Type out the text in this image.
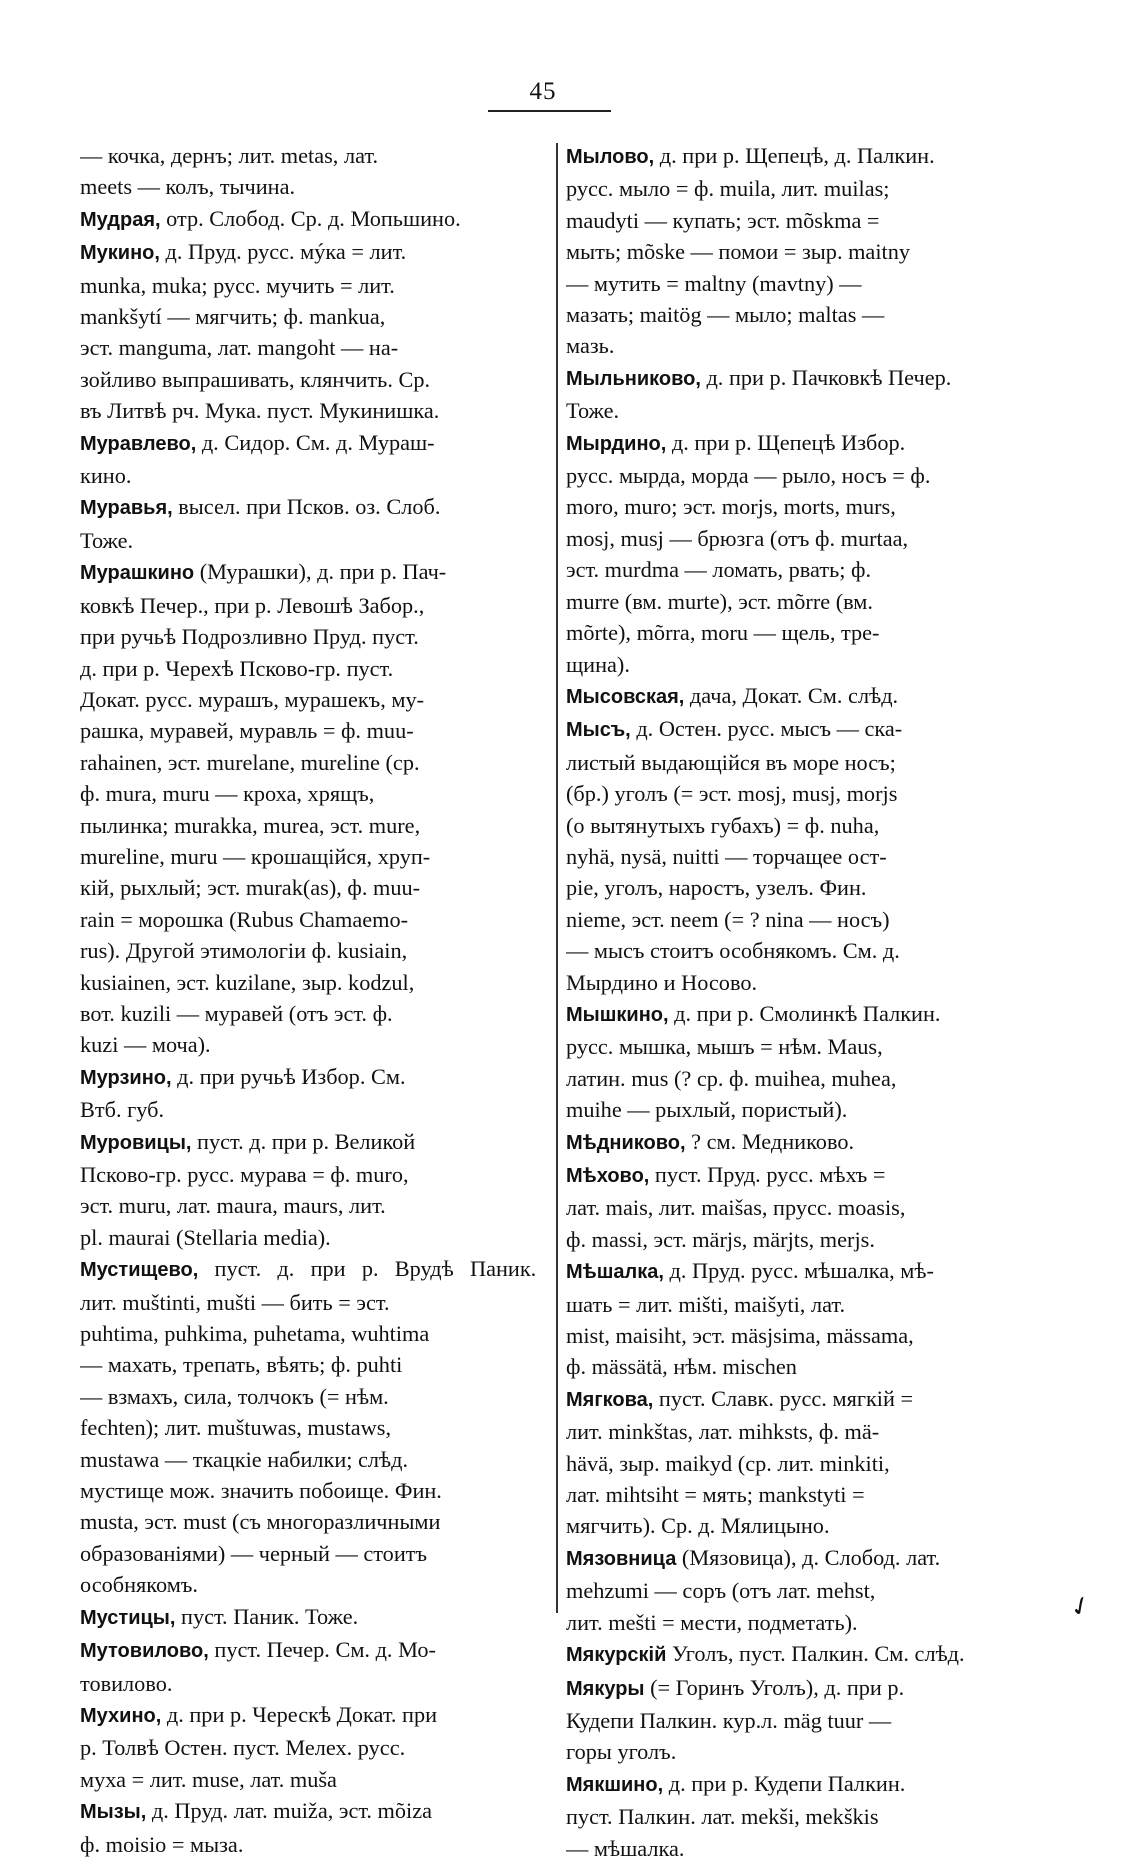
45
— кочка, дернъ; лит. metas, лат.
meets — колъ, тычина.
Мудрая, отр. Слобод. Ср. д. Мопьшино.
Мукино, д. Пруд. русс. мýка = лит.
munka, muka; русс. мучить = лит.
mankšytí — мягчить; ф. mankua,
эст. manguma, лат. mangoht — на-
зойливо выпрашивать, клянчить. Ср.
въ Литвѣ рч. Мука. пуст. Мукинишка.
Муравлево, д. Сидор. См. д. Мураш-
кино.
Муравья, высел. при Псков. оз. Слоб.
Тоже.
Мурашкино (Мурашки), д. при р. Пач-
ковкѣ Печер., при р. Левошѣ Забор.,
при ручьѣ Подрозливно Пруд. пуст.
д. при р. Черехѣ Псково-гр. пуст.
Докат. русс. мурашъ, мурашекъ, му-
рашка, муравей, муравль = ф. muu-
rahainen, эст. murelane, mureline (ср.
ф. mura, muru — кроха, хрящъ,
пылинка; murakka, murea, эст. mure,
mureline, muru — крошащійся, хруп-
кій, рыхлый; эст. murak(as), ф. muu-
rain = морошка (Rubus Chamaemo-
rus). Другой этимологіи ф. kusiain,
kusiainen, эст. kuzilane, зыр. kodzul,
вот. kuzili — муравей (отъ эст. ф.
kuzi — моча).
Мурзино, д. при ручьѣ Избор. См.
Втб. губ.
Муровицы, пуст. д. при р. Великой
Псково-гр. русс. мурава = ф. muro,
эст. muru, лат. maura, maurs, лит.
pl. maurai (Stellaria media).
Мустищево, пуст. д. при р. Врудѣ Паник.
лит. muštinti, mušti — бить = эст.
puhtima, puhkima, puhetama, wuhtima
— махать, трепать, вѣять; ф. puhti
— взмахъ, сила, толчокъ (= нѣм.
fechten); лит. muštuwas, mustaws,
mustawa — ткацкіе набилки; слѣд.
мустище мож. значить побоище. Фин.
musta, эст. must (съ многоразличными
образованіями) — черный — стоитъ
особнякомъ.
Мустицы, пуст. Паник. Тоже.
Мутовилово, пуст. Печер. См. д. Мо-
товилово.
Мухино, д. при р. Черескѣ Докат. при
р. Толвѣ Остен. пуст. Мелех. русс.
муха = лит. muse, лат. muša
Мызы, д. Пруд. лат. muiža, эст. mõiza
ф. moisio = мыза.
Мылово, д. при р. Щепецѣ, д. Палкин.
русс. мыло = ф. muila, лит. muilas;
maudyti — купать; эст. mõskma =
мыть; mõske — помои = зыр. maitny
— мутить = maltny (mavtny) —
мазать; maitög — мыло; maltas —
мазь.
Мыльниково, д. при р. Пачковкѣ Печер.
Тоже.
Мырдино, д. при р. Щепецѣ Избор.
русс. мырда, морда — рыло, носъ = ф.
moro, muro; эст. morjs, morts, murs,
mosj, musj — брюзга (отъ ф. murtaa,
эст. murdma — ломать, рвать; ф.
murre (вм. murte), эст. mõrre (вм.
mõrte), mõrra, moru — щель, тре-
щина).
Мысовская, дача, Докат. См. слѣд.
Мысъ, д. Остен. русс. мысъ — ска-
листый выдающійся въ море носъ;
(бр.) уголъ (= эст. mosj, musj, morjs
(о вытянутыхъ губахъ) = ф. nuha,
nyhä, nysä, nuitti — торчащее ост-
ріе, уголъ, наростъ, узелъ. Фин.
nieme, эст. neem (= ? nina — носъ)
— мысъ стоитъ особнякомъ. См. д.
Мырдино и Носово.
Мышкино, д. при р. Смолинкѣ Палкин.
русс. мышка, мышъ = нѣм. Maus,
латин. mus (? ср. ф. muihea, muhea,
muihe — рыхлый, пористый).
Мѣдниково, ? см. Медниково.
Мѣхово, пуст. Пруд. русс. мѣхъ =
лат. mais, лит. maišas, прусс. moasis,
ф. massi, эст. märjs, märjts, merjs.
Мѣшалка, д. Пруд. русс. мѣшалка, мѣ-
шать = лит. mišti, maišyti, лат.
mist, maisiht, эст. mäsjsima, mässama,
ф. mässätä, нѣм. mischen
Мягкова, пуст. Славк. русс. мягкій =
лит. minkštas, лат. mihksts, ф. mä-
hävä, зыр. maikyd (ср. лит. minkiti,
лат. mihtsiht = мять; mankstyti =
мягчить). Ср. д. Мялицыно.
Мязовница (Мязовица), д. Слобод. лат.
mehzumi — соръ (отъ лат. mehst,
лит. mešti = мести, подметать).
Мякурскій Уголъ, пуст. Палкин. См. слѣд.
Мякуры (= Горинъ Уголъ), д. при р.
Кудепи Палкин. кур.л. mäg tuur —
горы уголъ.
Мякшино, д. при р. Кудепи Палкин.
пуст. Палкин. лат. mekši, mekškis
— мѣшалка.
✓
